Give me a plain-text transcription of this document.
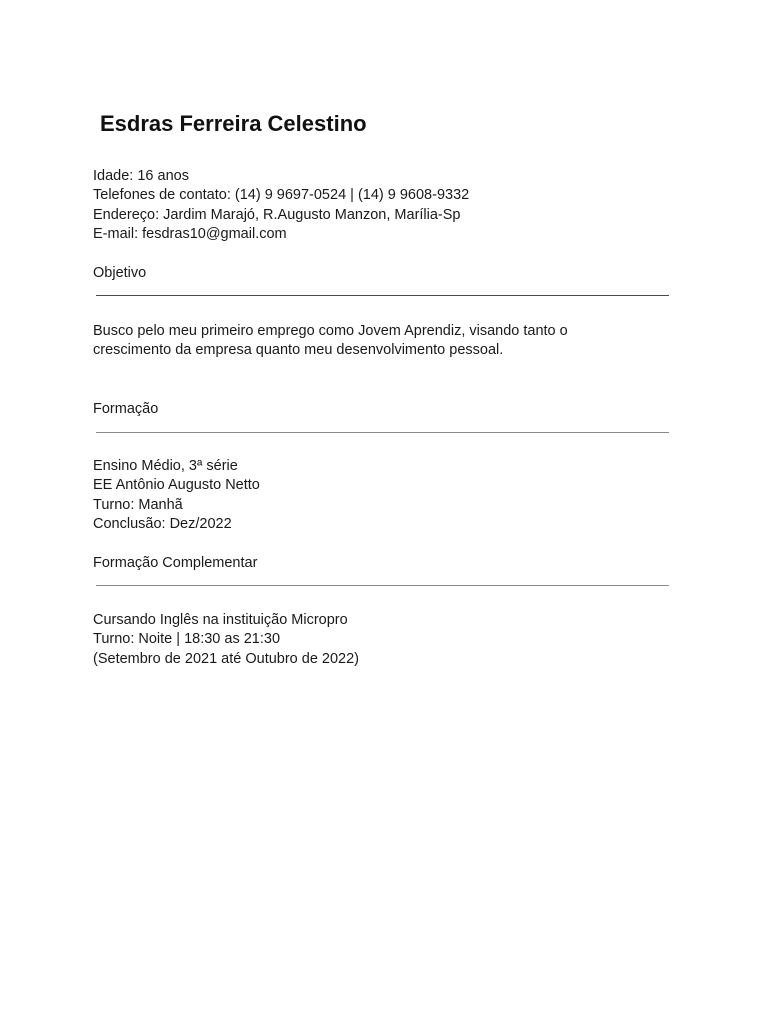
Esdras Ferreira Celestino
Idade: 16 anos
Telefones de contato: (14) 9 9697-0524 | (14) 9 9608-9332
Endereço: Jardim Marajó, R.Augusto Manzon, Marília-Sp
E-mail: fesdras10@gmail.com
Objetivo
Busco pelo meu primeiro emprego como Jovem Aprendiz, visando tanto o
crescimento da empresa quanto meu desenvolvimento pessoal.
Formação
Ensino Médio, 3ª série
EE Antônio Augusto Netto
Turno: Manhã
Conclusão: Dez/2022
Formação Complementar
Cursando Inglês na instituição Micropro
Turno: Noite | 18:30 as 21:30
(Setembro de 2021 até Outubro de 2022)
